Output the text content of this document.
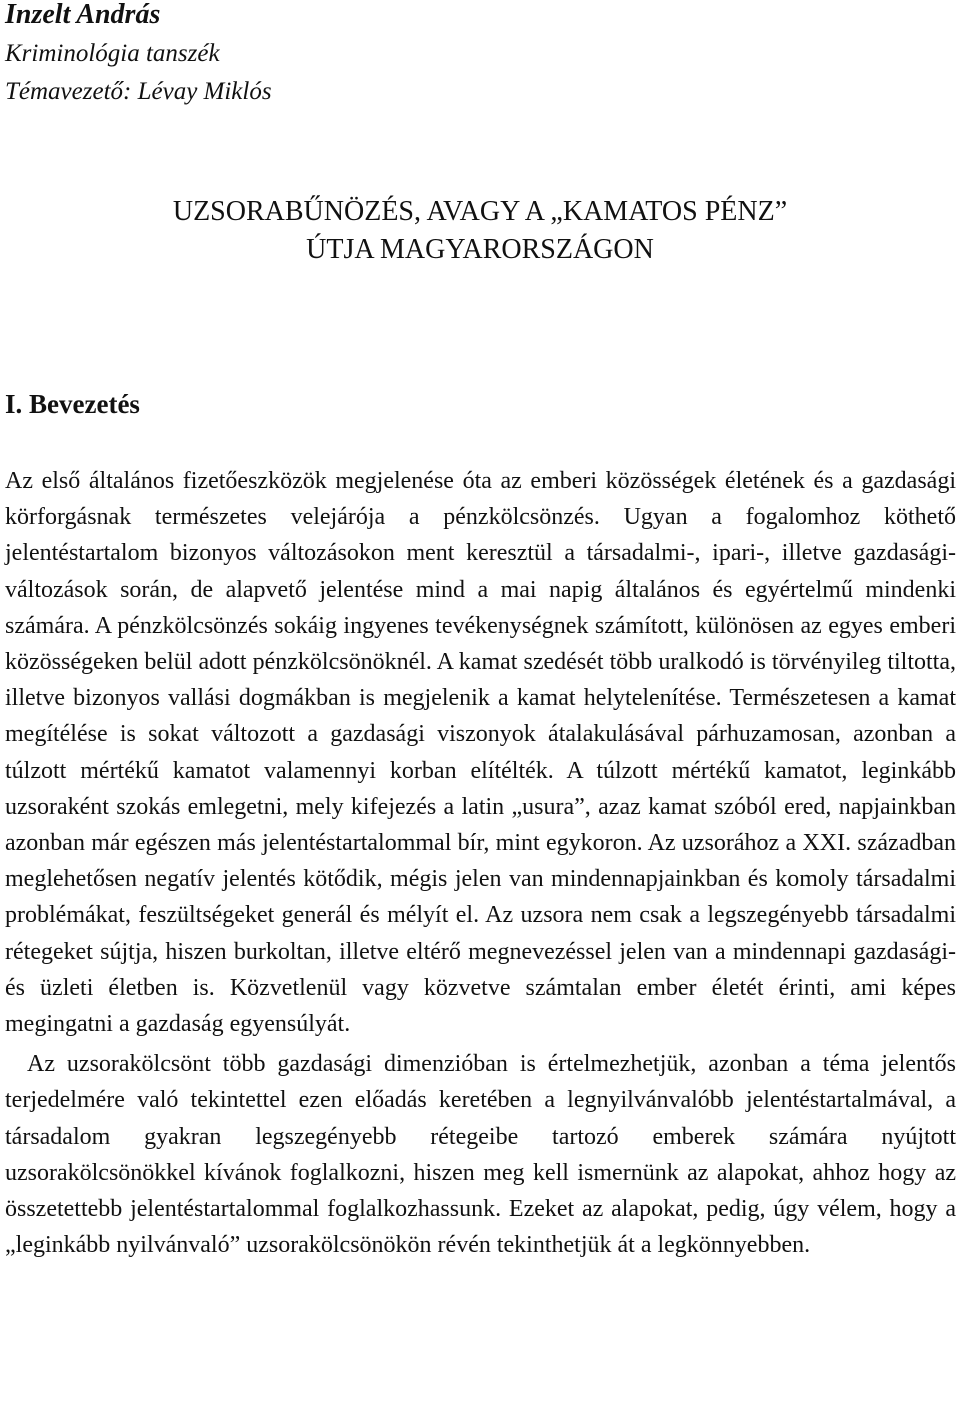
Inzelt András

Kriminológia tanszék

Témavezető: Lévay Miklós

UZSORABŰNÖZÉS, AVAGY A „KAMATOS PÉNZ”
ÚTJA MAGYARORSZÁGON
I. Bevezetés

Az első általános fizetőeszközök megjelenése óta az emberi közösségek életének és a gazdasági körforgásnak természetes velejárója a pénzkölcsönzés. Ugyan a fogalomhoz köthető jelentéstartalom bizonyos változásokon ment keresztül a társadalmi-, ipari-, illetve gazdasági- változások során, de alapvető jelentése mind a mai napig általános és egyértelmű mindenki számára. A pénzkölcsönzés sokáig ingyenes tevékenységnek számított, különösen az egyes emberi közösségeken belül adott pénzkölcsönöknél. A kamat szedését több uralkodó is törvényileg tiltotta, illetve bizonyos vallási dogmákban is megjelenik a kamat helytelenítése. Természetesen a kamat megítélése is sokat változott a gazdasági viszonyok átalakulásával párhuzamosan, azonban a túlzott mértékű kamatot valamennyi korban elítélték. A túlzott mértékű kamatot, leginkább uzsoraként szokás emlegetni, mely kifejezés a latin „usura”, azaz kamat szóból ered, napjainkban azonban már egészen más jelentéstartalommal bír, mint egykoron. Az uzsorához a XXI. században meglehetősen negatív jelentés kötődik, mégis jelen van mindennapjainkban és komoly társadalmi problémákat, feszültségeket generál és mélyít el. Az uzsora nem csak a legszegényebb társadalmi rétegeket sújtja, hiszen burkoltan, illetve eltérő megnevezéssel jelen van a mindennapi gazdasági- és üzleti életben is. Közvetlenül vagy közvetve számtalan ember életét érinti, ami képes megingatni a gazdaság egyensúlyát.

Az uzsorakölcsönt több gazdasági dimenzióban is értelmezhetjük, azonban a téma jelentős terjedelmére való tekintettel ezen előadás keretében a legnyilvánvalóbb jelentéstartalmával, a társadalom gyakran legszegényebb rétegeibe tartozó emberek számára nyújtott uzsorakölcsönökkel kívánok foglalkozni, hiszen meg kell ismernünk az alapokat, ahhoz hogy az összetettebb jelentéstartalommal foglalkozhassunk. Ezeket az alapokat, pedig, úgy vélem, hogy a „leginkább nyilvánvaló” uzsorakölcsönökön révén tekinthetjük át a legkönnyebben.
